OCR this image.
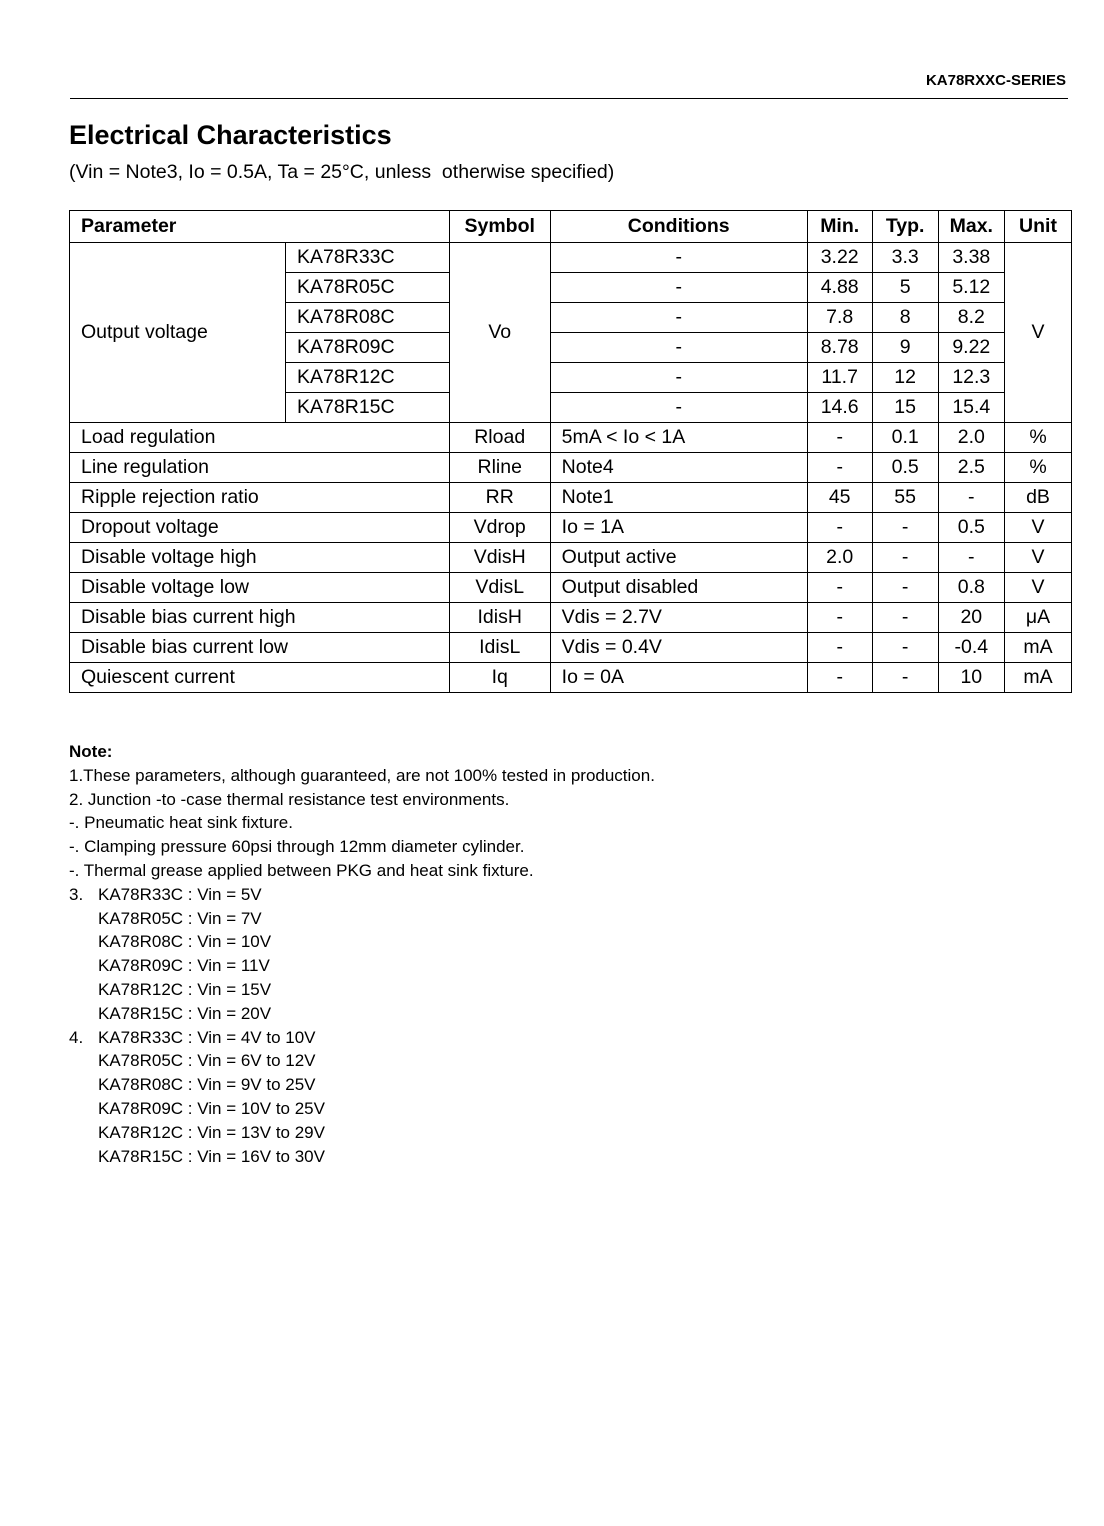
KA78RXXC-SERIES
Electrical Characteristics
(Vin = Note3, Io = 0.5A, Ta = 25°C, unless  otherwise specified)
Parameter		Symbol	Conditions	Min.	Typ.	Max.	Unit
Output voltage	KA78R33C	Vo	-	3.22	3.3	3.38	V
	KA78R05C		-	4.88	5	5.12	
	KA78R08C		-	7.8	8	8.2	
	KA78R09C		-	8.78	9	9.22	
	KA78R12C		-	11.7	12	12.3	
	KA78R15C		-	14.6	15	15.4	
Load regulation		Rload	5mA < Io < 1A	-	0.1	2.0	%
Line regulation		Rline	Note4	-	0.5	2.5	%
Ripple rejection ratio		RR	Note1	45	55	-	dB
Dropout voltage		Vdrop	Io = 1A	-	-	0.5	V
Disable voltage high		VdisH	Output active	2.0	-	-	V
Disable voltage low		VdisL	Output disabled	-	-	0.8	V
Disable bias current high		IdisH	Vdis = 2.7V	-	-	20	μA
Disable bias current low		IdisL	Vdis = 0.4V	-	-	-0.4	mA
Quiescent current		Iq	Io = 0A	-	-	10	mA
Note:
1.These parameters, although guaranteed, are not 100% tested in production.
2. Junction -to -case thermal resistance test environments.
-. Pneumatic heat sink fixture.
-. Clamping pressure 60psi through 12mm diameter cylinder.
-. Thermal grease applied between PKG and heat sink fixture.
3. KA78R33C : Vin = 5V
KA78R05C : Vin = 7V
KA78R08C : Vin = 10V
KA78R09C : Vin = 11V
KA78R12C : Vin = 15V
KA78R15C : Vin = 20V
4. KA78R33C : Vin = 4V to 10V
KA78R05C : Vin = 6V to 12V
KA78R08C : Vin = 9V to 25V
KA78R09C : Vin = 10V to 25V
KA78R12C : Vin = 13V to 29V
KA78R15C : Vin = 16V to 30V
